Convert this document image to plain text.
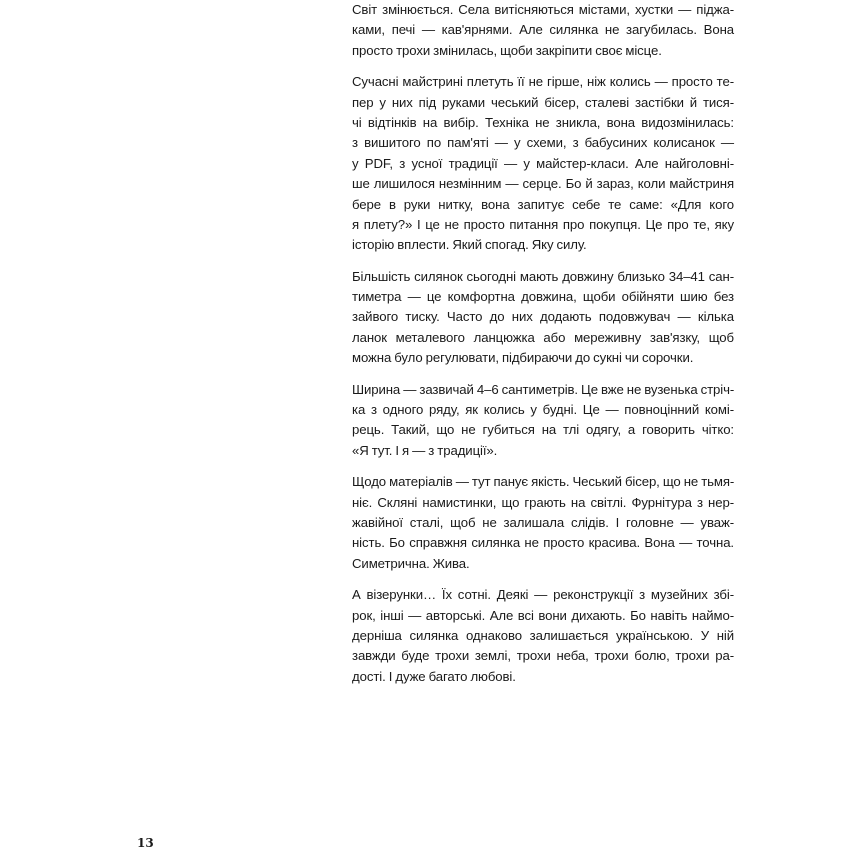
Світ змінюється. Села витісняються містами, хустки — піджа-
ками, печі — кав'ярнями. Але силянка не загубилась. Вона
просто трохи змінилась, щоби закріпити своє місце.
Сучасні майстрині плетуть її не гірше, ніж колись — просто те-
пер у них під руками чеський бісер, сталеві застібки й тися-
чі відтінків на вибір. Техніка не зникла, вона видозмінилась:
з вишитого по пам'яті — у схеми, з бабусиних колисанок —
у PDF, з усної традиції — у майстер-класи. Але найголовні-
ше лишилося незмінним — серце. Бо й зараз, коли майстриня
бере в руки нитку, вона запитує себе те саме: «Для кого
я плету?» І це не просто питання про покупця. Це про те, яку
історію вплести. Який спогад. Яку силу.
Більшість силянок сьогодні мають довжину близько 34–41 сан-
тиметра — це комфортна довжина, щоби обійняти шию без
зайвого тиску. Часто до них додають подовжувач — кілька
ланок металевого ланцюжка або мереживну зав'язку, щоб
можна було регулювати, підбираючи до сукні чи сорочки.
Ширина — зазвичай 4–6 сантиметрів. Це вже не вузенька стріч-
ка з одного ряду, як колись у будні. Це — повноцінний комі-
рець. Такий, що не губиться на тлі одягу, а говорить чітко:
«Я тут. І я — з традиції».
Щодо матеріалів — тут панує якість. Чеський бісер, що не тьмя-
ніє. Скляні намистинки, що грають на світлі. Фурнітура з нер-
жавійної сталі, щоб не залишала слідів. І головне — уваж-
ність. Бо справжня силянка не просто красива. Вона — точна.
Симетрична. Жива.
А візерунки… Їх сотні. Деякі — реконструкції з музейних збі-
рок, інші — авторські. Але всі вони дихають. Бо навіть наймо-
дерніша силянка однаково залишається українською. У ній
завжди буде трохи землі, трохи неба, трохи болю, трохи ра-
дості. І дуже багато любові.
13
